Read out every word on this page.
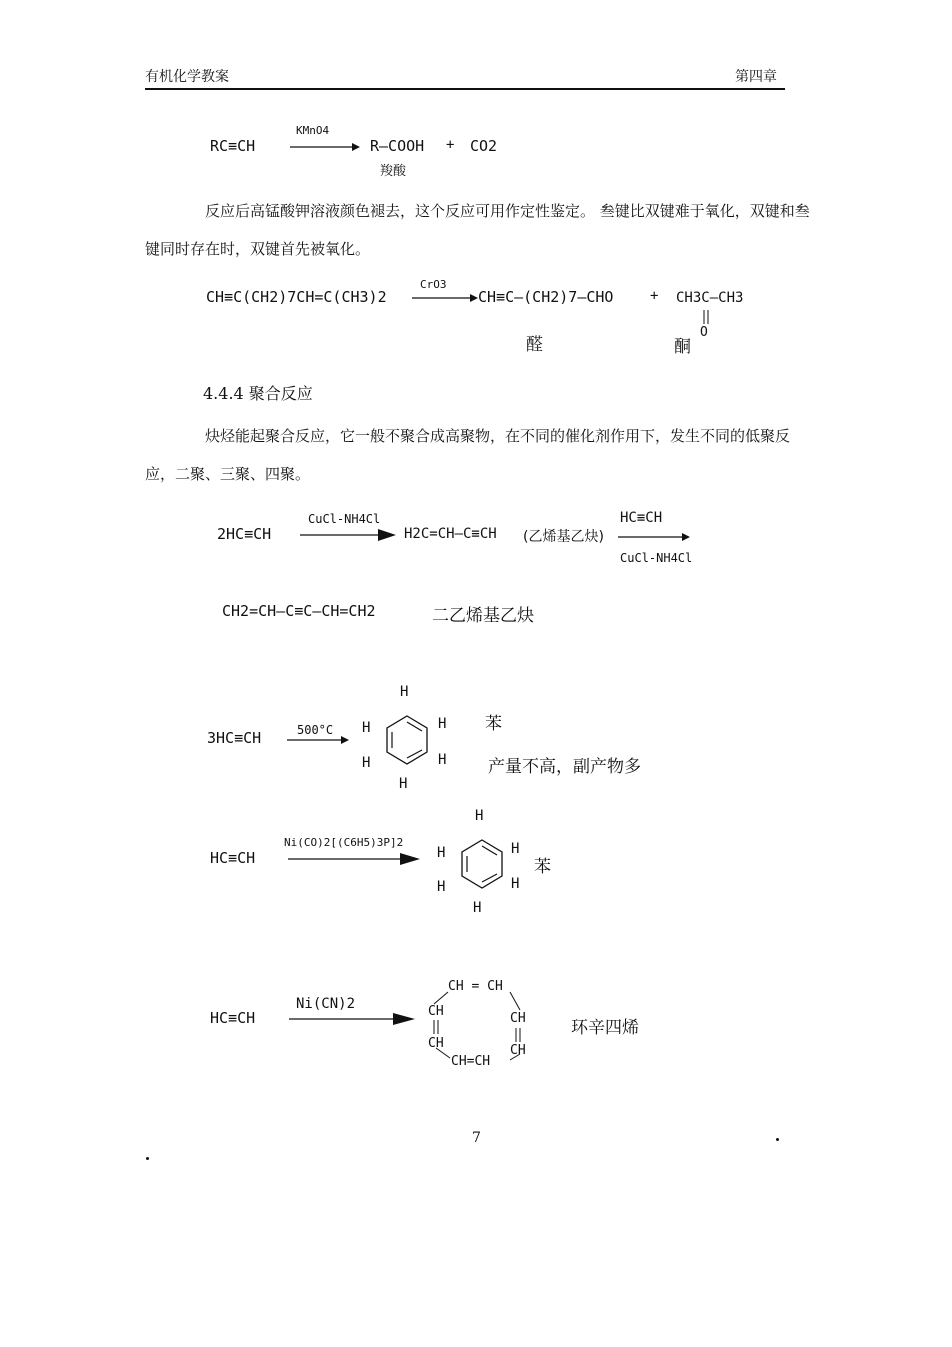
有机化学教案	第四章
RC≡CH
KMnO4
R—COOH + CO2
羧酸
反应后高锰酸钾溶液颜色褪去，这个反应可用作定性鉴定。 叁键比双键难于氧化，双键和叁键同时存在时，双键首先被氧化。
CH≡C(CH2)7CH=C(CH3)2
CrO3
CH≡C—(CH2)7—CHO	+ CH3C—CH3
O
醛	酮
4.4.4 聚合反应
炔烃能起聚合反应，它一般不聚合成高聚物，在不同的催化剂作用下，发生不同的低聚反应，二聚、三聚、四聚。
2HC≡CH
CuCl-NH4Cl
H2C=CH—C≡CH (乙烯基乙炔)
HC≡CH
CuCl-NH4Cl
CH2=CH—C≡C—CH=CH2	二乙烯基乙炔
3HC≡CH	500°C
H
H	H
H	H
H
苯
产量不高，副产物多
HC≡CH
Ni(CO)2[(C6H5)3P]2
H
H	H
H	H
H
苯
HC≡CH
Ni(CN)2
CH = CH
CH=CH
CH
CH
CH
CH
环辛四烯
7
